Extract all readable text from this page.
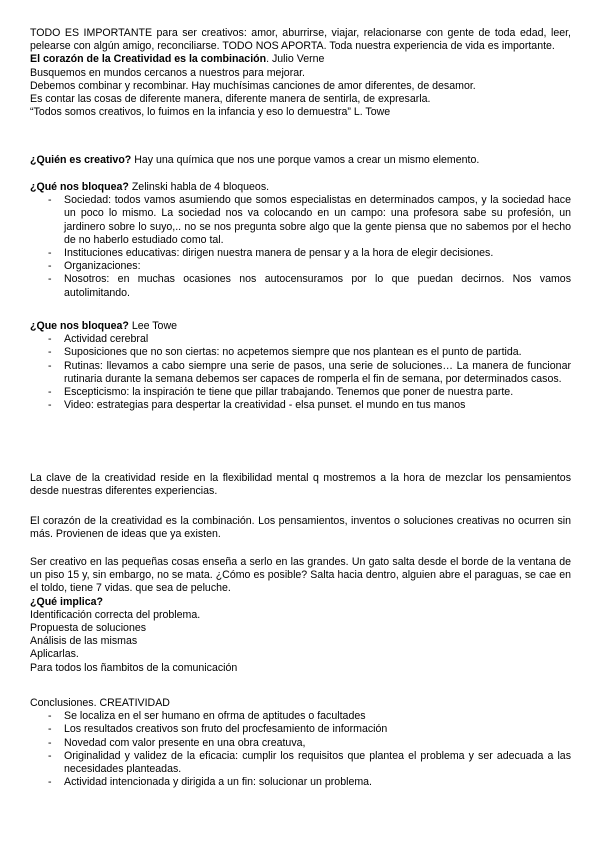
TODO ES IMPORTANTE para ser creativos: amor, aburrirse, viajar, relacionarse con gente de toda edad, leer, pelearse con algún amigo, reconciliarse. TODO NOS APORTA. Toda nuestra experiencia de vida es importante.

El corazón de la Creatividad es la combinación. Julio Verne

Busquemos en mundos cercanos a nuestros para mejorar.

Debemos combinar y recombinar. Hay muchísimas canciones de amor diferentes, de desamor.

Es contar las cosas de diferente manera, diferente manera de sentirla, de expresarla.

“Todos somos creativos, lo fuimos en la infancia y eso lo demuestra” L. Towe

¿Quién es creativo? Hay una química que nos une porque vamos a crear un mismo elemento.

¿Qué nos bloquea? Zelinski habla de 4 bloqueos.

- Sociedad: todos vamos asumiendo que somos especialistas en determinados campos, y la sociedad hace un poco lo mismo. La sociedad nos va colocando en un campo: una profesora sabe su profesión, un jardinero sobre lo suyo,.. no se nos pregunta sobre algo que la gente piensa que no sabemos por el hecho de no haberlo estudiado como tal.
- Instituciones educativas: dirigen nuestra manera de pensar y a la hora de elegir decisiones.
- Organizaciones:
- Nosotros: en muchas ocasiones nos autocensuramos por lo que puedan decirnos. Nos vamos autolimitando.

¿Que nos bloquea? Lee Towe

- Actividad cerebral
- Suposiciones que no son ciertas: no acpetemos siempre que nos plantean es el punto de partida.
- Rutinas: llevamos a cabo siempre una serie de pasos, una serie de soluciones… La manera de funcionar rutinaria durante la semana debemos ser capaces de romperla el fin de semana, por determinados casos.
- Escepticismo: la inspiración te tiene que pillar trabajando. Tenemos que poner de nuestra parte.
- Video: estrategias para despertar la creatividad - elsa punset. el mundo en tus manos

La clave de la creatividad reside en la flexibilidad mental q mostremos a la hora de mezclar los pensamientos desde nuestras diferentes experiencias.

El corazón de la creatividad es la combinación. Los pensamientos, inventos o soluciones creativas no ocurren sin más. Provienen de ideas que ya existen.

Ser creativo en las pequeñas cosas enseña a serlo en las grandes. Un gato salta desde el borde de la ventana de un piso 15 y, sin embargo, no se mata. ¿Cómo es posible? Salta hacia dentro, alguien abre el paraguas, se cae en el toldo, tiene 7 vidas. que sea de peluche.

¿Qué implica?

Identificación correcta del problema.

Propuesta de soluciones

Análisis de las mismas

Aplicarlas.

Para todos los ñambitos de la comunicación

Conclusiones. CREATIVIDAD

- Se localiza en el ser humano en ofrma de aptitudes o facultades
- Los resultados creativos son fruto del procfesamiento de información
- Novedad com valor presente en una obra creatuva,
- Originalidad y validez de la eficacia: cumplir los requisitos que plantea el problema y ser adecuada a las necesidades planteadas.
- Actividad intencionada y dirigida a un fin: solucionar un problema.
